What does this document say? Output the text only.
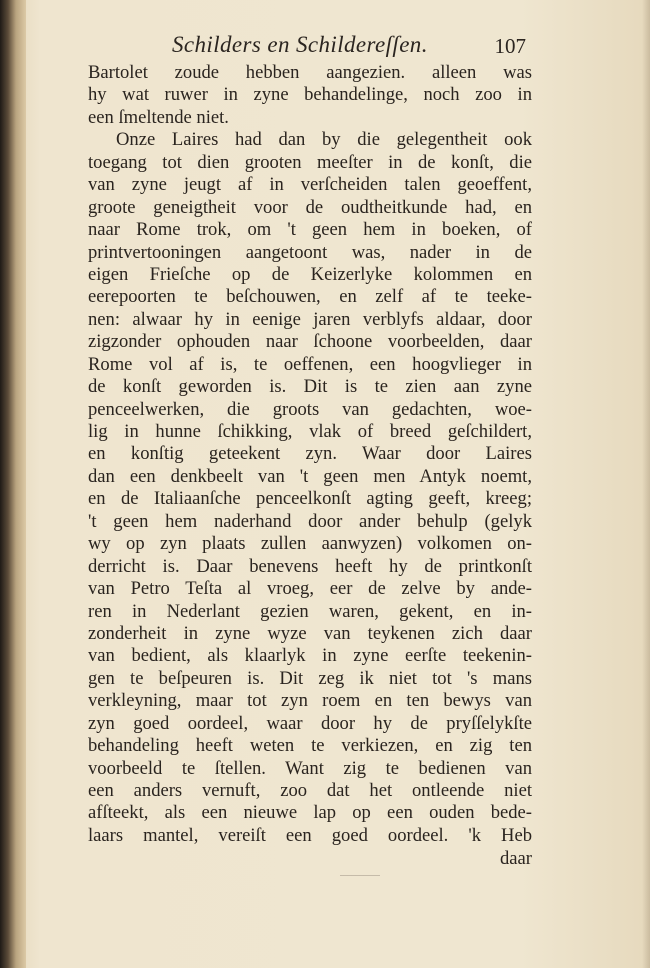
Schilders en Schildereſſen.	107
Bartolet zoude hebben aangezien. alleen was
hy wat ruwer in zyne behandelinge, noch zoo in
een ſmeltende niet.
Onze Laires had dan by die gelegentheit ook
toegang tot dien grooten meeſter in de konſt, die
van zyne jeugt af in verſcheiden talen geoeffent,
groote geneigtheit voor de oudtheitkunde had, en
naar Rome trok, om 't geen hem in boeken, of
printvertooningen aangetoont was, nader in de
eigen Frieſche op de Keizerlyke kolommen en
eerepoorten te beſchouwen, en zelf af te teeke-
nen: alwaar hy in eenige jaren verblyfs aldaar, door
zigzonder ophouden naar ſchoone voorbeelden, daar
Rome vol af is, te oeffenen, een hoogvlieger in
de konſt geworden is. Dit is te zien aan zyne
penceelwerken, die groots van gedachten, woe-
lig in hunne ſchikking, vlak of breed geſchildert,
en konſtig geteekent zyn. Waar door Laires
dan een denkbeelt van 't geen men Antyk noemt,
en de Italiaanſche penceelkonſt agting geeft, kreeg;
't geen hem naderhand door ander behulp (gelyk
wy op zyn plaats zullen aanwyzen) volkomen on-
derricht is. Daar benevens heeft hy de printkonſt
van Petro Teſta al vroeg, eer de zelve by ande-
ren in Nederlant gezien waren, gekent, en in-
zonderheit in zyne wyze van teykenen zich daar
van bedient, als klaarlyk in zyne eerſte teekenin-
gen te beſpeuren is. Dit zeg ik niet tot 's mans
verkleyning, maar tot zyn roem en ten bewys van
zyn goed oordeel, waar door hy de pryſſelykſte
behandeling heeft weten te verkiezen, en zig ten
voorbeeld te ſtellen. Want zig te bedienen van
een anders vernuft, zoo dat het ontleende niet
afſteekt, als een nieuwe lap op een ouden bede-
laars mantel, vereiſt een goed oordeel. 'k Heb
daar
